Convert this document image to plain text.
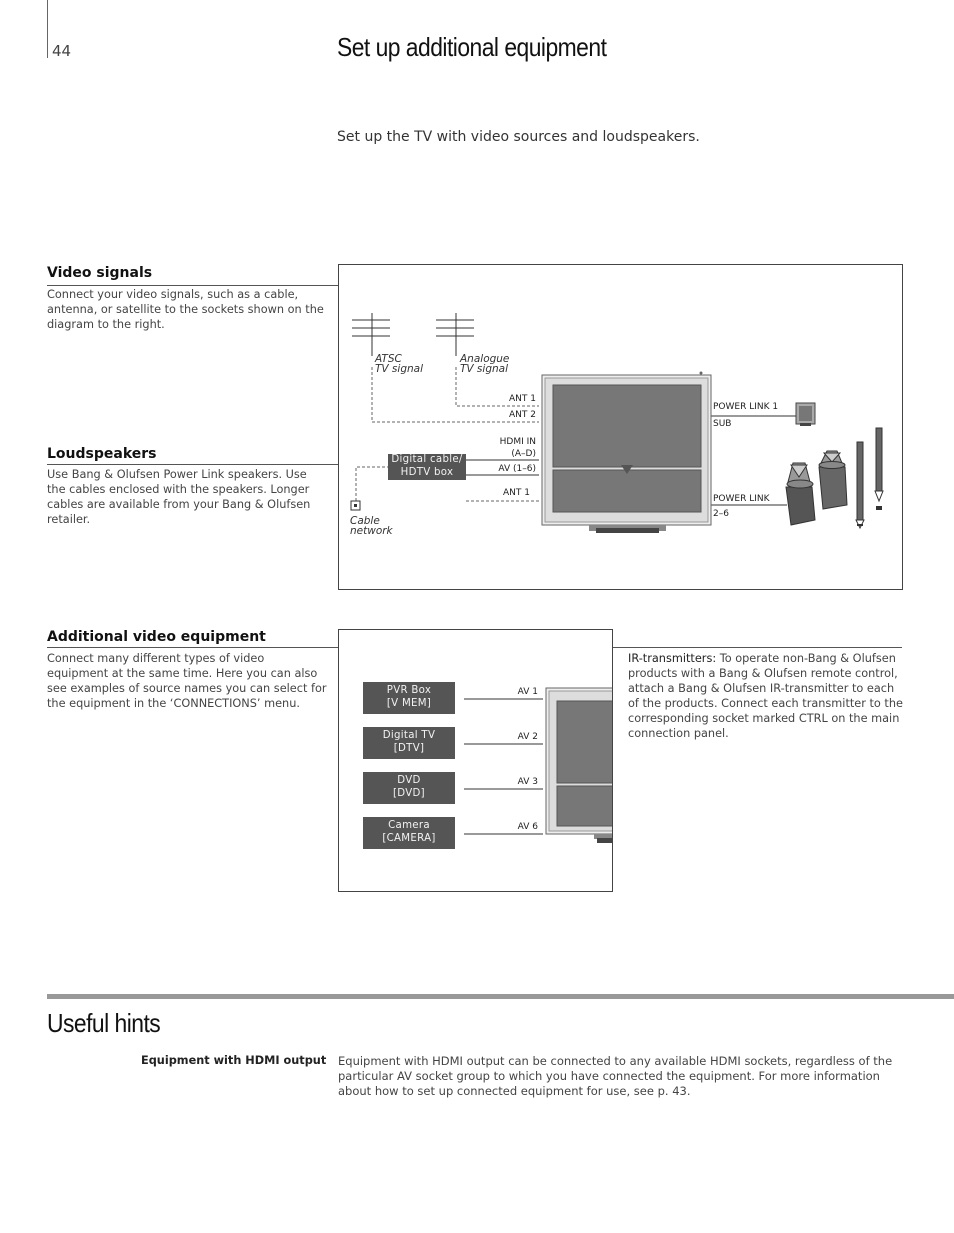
44	Set up additional equipment
Set up the TV with video sources and loudspeakers.
Video signals
Connect your video signals, such as a cable, antenna, or satellite to the sockets shown on the diagram to the right.
Loudspeakers
Use Bang & Olufsen Power Link speakers. Use the cables enclosed with the speakers. Longer cables are available from your Bang & Olufsen retailer.
ATSC
TV signal
Analogue
TV signal
ANT 1
ANT 2
HDMI IN
(A–D)
AV (1–6)
ANT 1
Digital cable/
HDTV box
Cable
network
POWER LINK 1
SUB
POWER LINK
2–6
Additional video equipment
Connect many different types of video equipment at the same time. Here you can also see examples of source names you can select for the equipment in the ‘CONNECTIONS’ menu.
PVR Box
[V MEM]
AV 1
Digital TV
[DTV]
AV 2
DVD
[DVD]
AV 3
Camera
[CAMERA]
AV 6
IR-transmitters: To operate non-Bang & Olufsen products with a Bang & Olufsen remote control, attach a Bang & Olufsen IR-transmitter to each of the products. Connect each transmitter to the corresponding socket marked CTRL on the main connection panel.
Useful hints
Equipment with HDMI output Equipment with HDMI output can be connected to any available HDMI sockets, regardless of the particular AV socket group to which you have connected the equipment. For more information about how to set up connected equipment for use, see p. 43.
